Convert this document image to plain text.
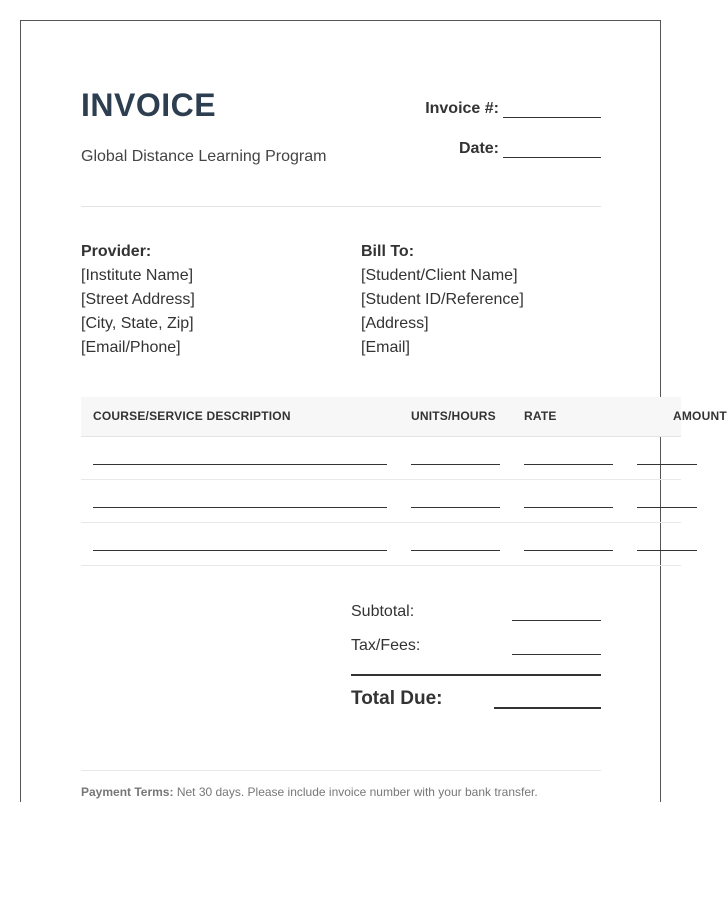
INVOICE
Global Distance Learning Program
Invoice #:
Date:
Provider:
[Institute Name]
[Street Address]
[City, State, Zip]
[Email/Phone]
Bill To:
[Student/Client Name]
[Student ID/Reference]
[Address]
[Email]
COURSE/SERVICE DESCRIPTION	UNITS/HOURS RATE	AMOUNT
Subtotal:
Tax/Fees:
Total Due:
Payment Terms: Net 30 days. Please include invoice number with your bank transfer.
